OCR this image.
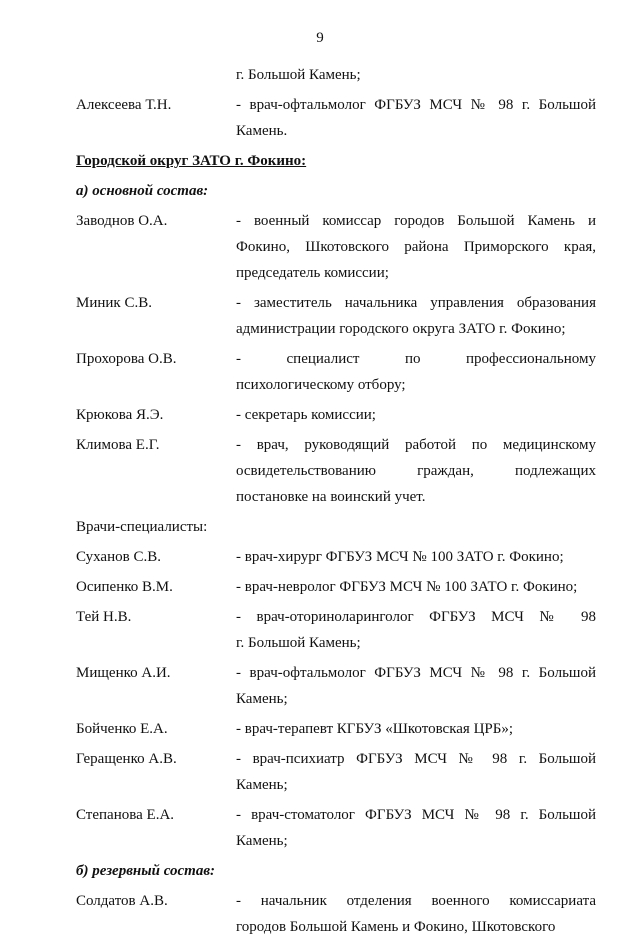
9
г. Большой Камень;
Алексеева Т.Н.	- врач-офтальмолог ФГБУЗ МСЧ № 98 г. Большой
Камень.
Городской округ ЗАТО г. Фокино:
а) основной состав:
Заводнов О.А.	- военный комиссар городов Большой Камень и
Фокино, Шкотовского района Приморского края,
председатель комиссии;
Миник С.В.	- заместитель начальника управления образования
администрации городского округа ЗАТО г. Фокино;
Прохорова О.В.	- специалист по профессиональному
психологическому отбору;
Крюкова Я.Э.	- секретарь комиссии;
Климова Е.Г.	- врач, руководящий работой по медицинскому
освидетельствованию граждан, подлежащих
постановке на воинский учет.
Врачи-специалисты:
Суханов С.В.	- врач-хирург ФГБУЗ МСЧ № 100 ЗАТО г. Фокино;
Осипенко В.М.	- врач-невролог ФГБУЗ МСЧ № 100 ЗАТО г. Фокино;
Тей Н.В.	- врач-оториноларинголог ФГБУЗ МСЧ № 98
г. Большой Камень;
Мищенко А.И.	- врач-офтальмолог ФГБУЗ МСЧ № 98 г. Большой
Камень;
Бойченко Е.А.	- врач-терапевт КГБУЗ «Шкотовская ЦРБ»;
Геращенко А.В.	- врач-психиатр ФГБУЗ МСЧ № 98 г. Большой
Камень;
Степанова Е.А.	- врач-стоматолог ФГБУЗ МСЧ № 98 г. Большой
Камень;
б) резервный состав:
Солдатов А.В.	- начальник отделения военного комиссариата
городов Большой Камень и Фокино, Шкотовского
